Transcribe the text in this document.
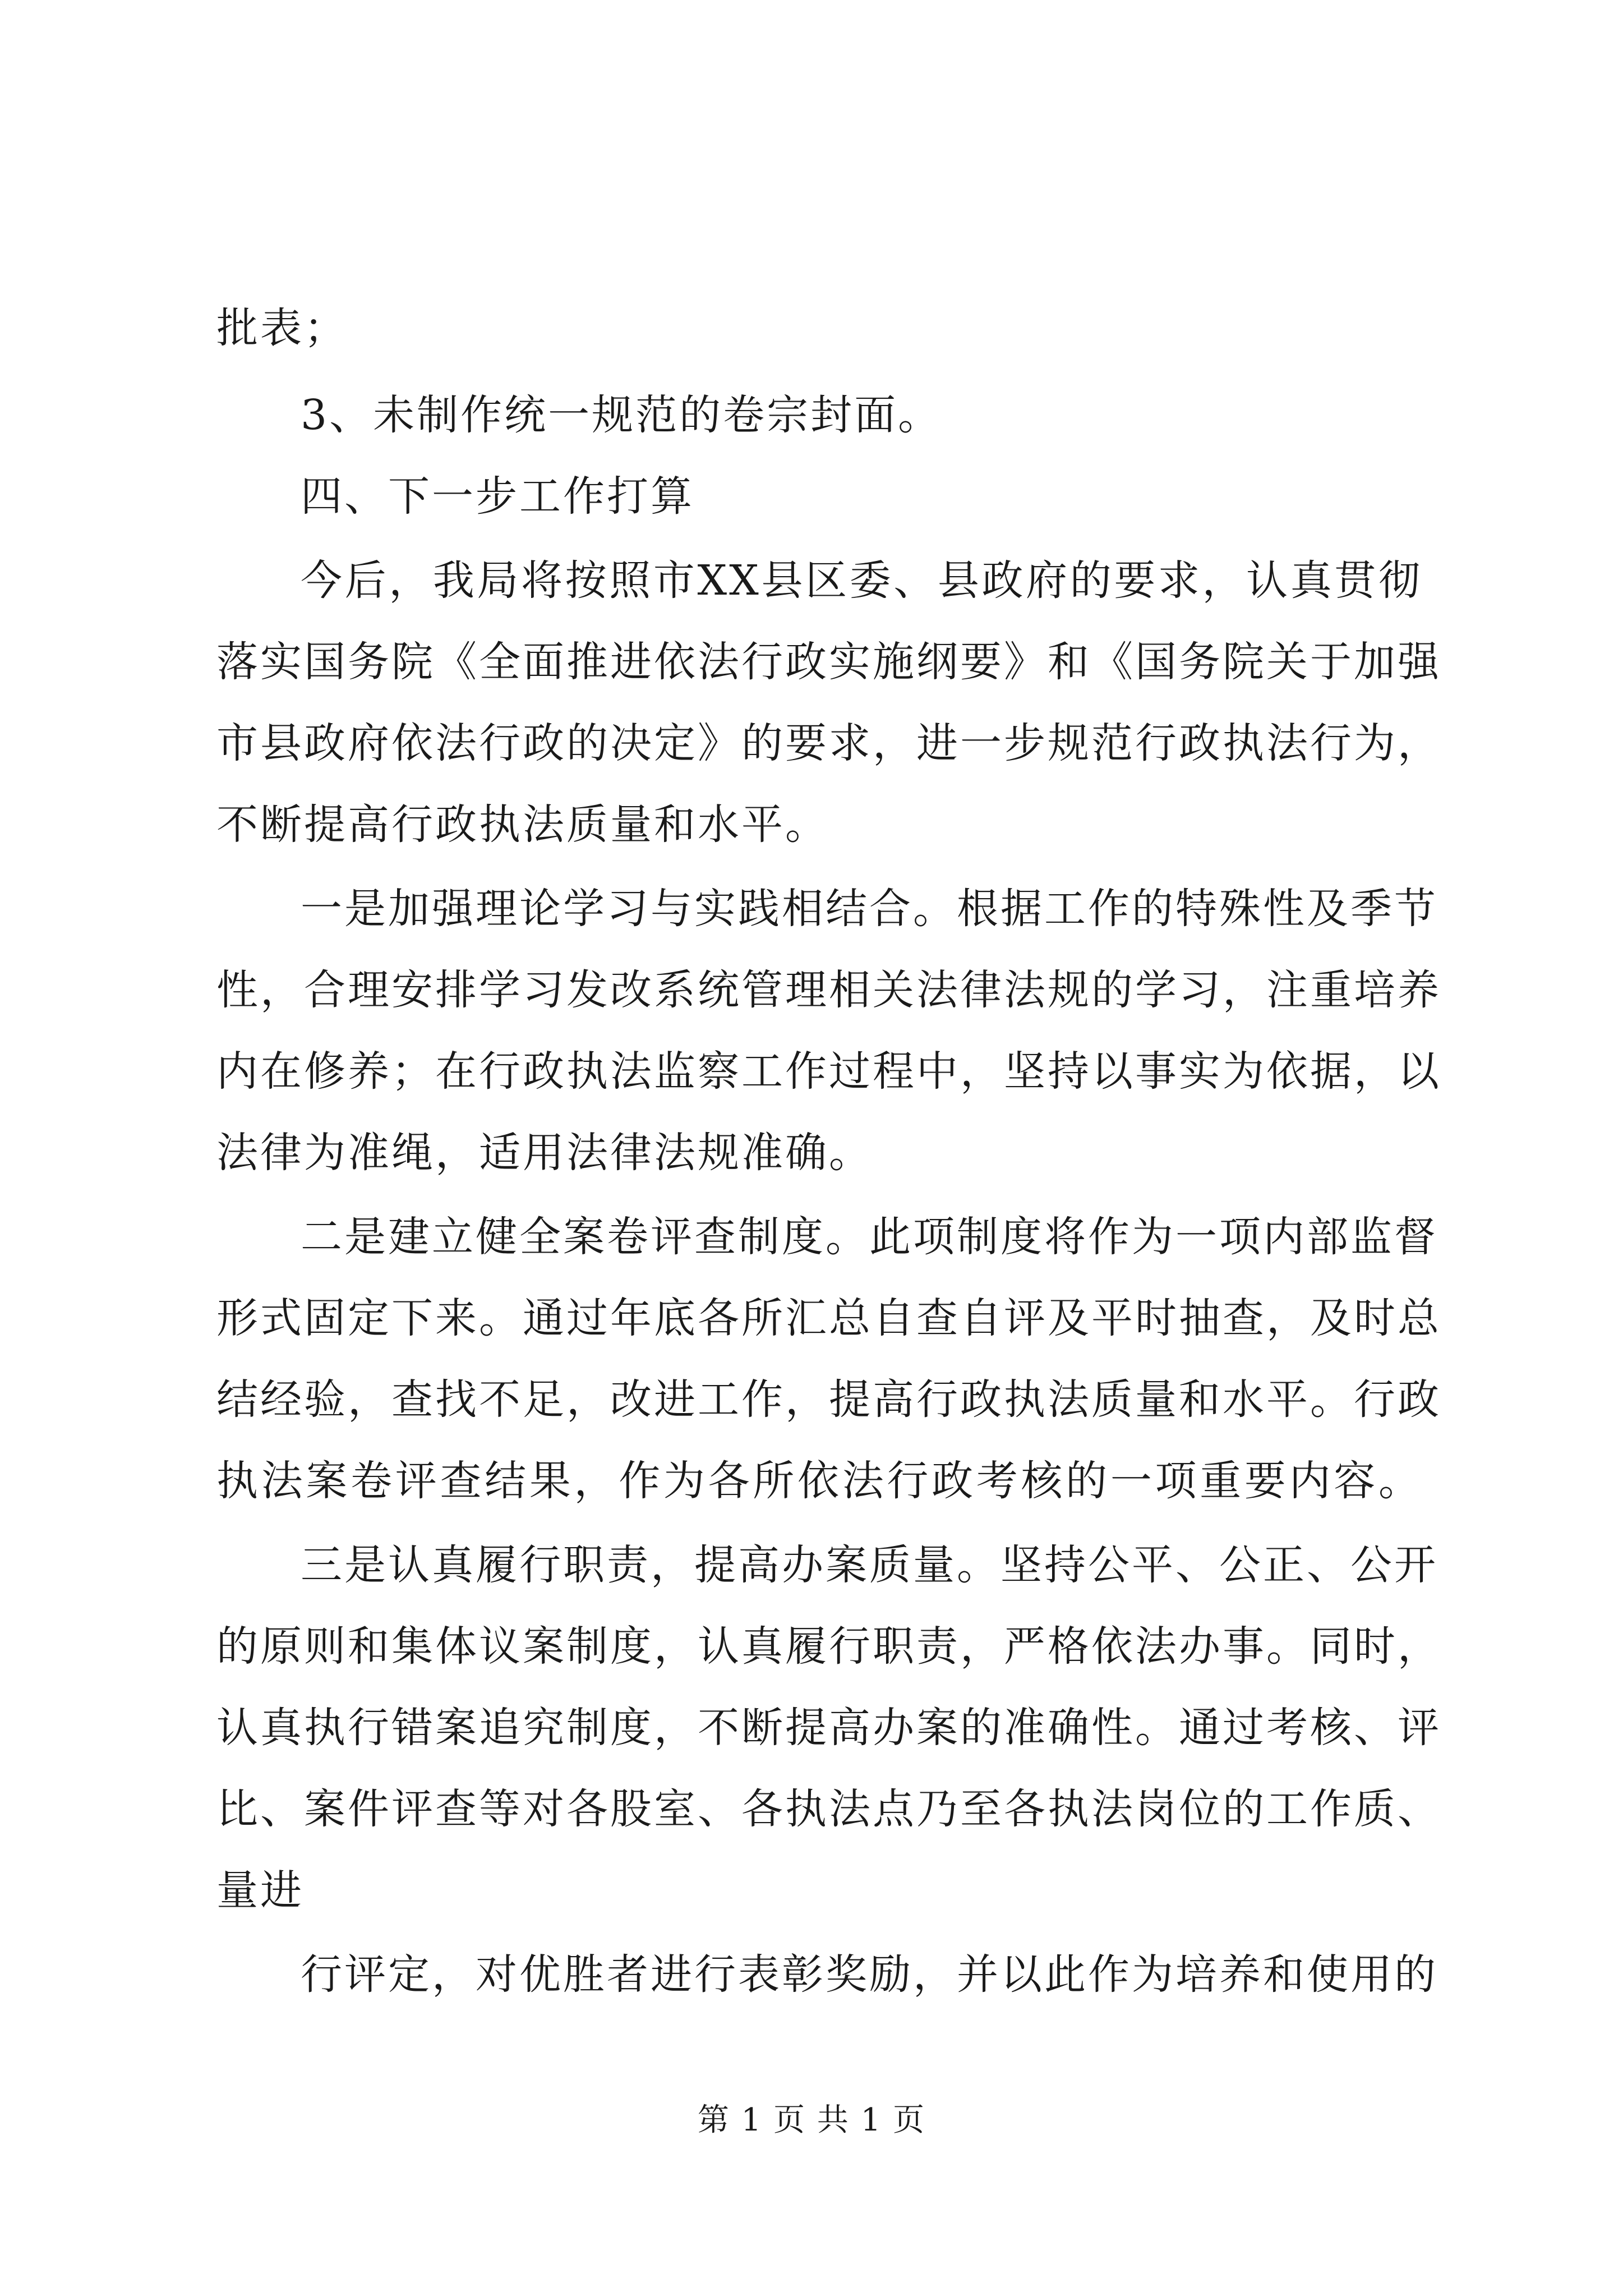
批表；
3、未制作统一规范的卷宗封面。
四、下一步工作打算
今后，我局将按照市XX县区委、县政府的要求，认真贯彻
落实国务院《全面推进依法行政实施纲要》和《国务院关于加强
市县政府依法行政的决定》的要求，进一步规范行政执法行为，
不断提高行政执法质量和水平。
一是加强理论学习与实践相结合。根据工作的特殊性及季节
性，合理安排学习发改系统管理相关法律法规的学习，注重培养
内在修养；在行政执法监察工作过程中，坚持以事实为依据，以
法律为准绳，适用法律法规准确。
二是建立健全案卷评查制度。此项制度将作为一项内部监督
形式固定下来。通过年底各所汇总自查自评及平时抽查，及时总
结经验，查找不足，改进工作，提高行政执法质量和水平。行政
执法案卷评查结果，作为各所依法行政考核的一项重要内容。
三是认真履行职责，提高办案质量。坚持公平、公正、公开
的原则和集体议案制度，认真履行职责，严格依法办事。同时，
认真执行错案追究制度，不断提高办案的准确性。通过考核、评
比、案件评查等对各股室、各执法点乃至各执法岗位的工作质、
量进
行评定，对优胜者进行表彰奖励，并以此作为培养和使用的
第 1 页 共 1 页
